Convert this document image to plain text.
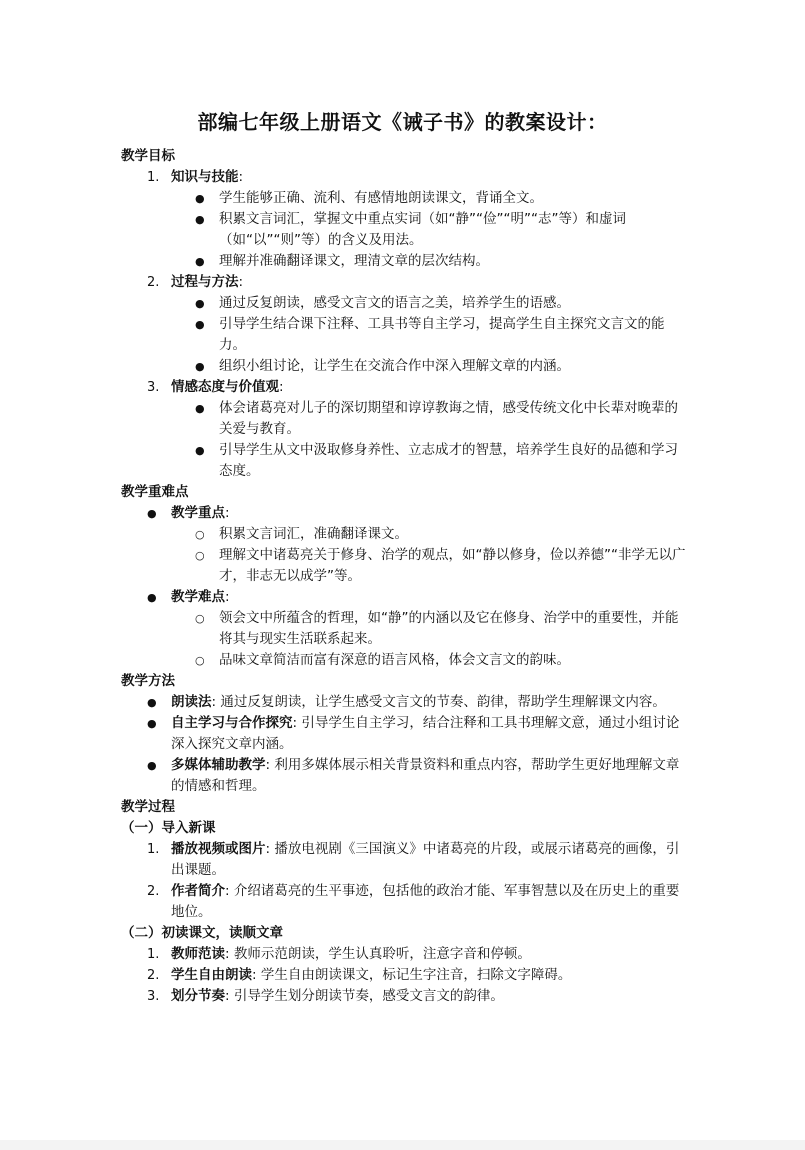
部编七年级上册语文《诫子书》的教案设计：

教学目标

1. 知识与技能:

● 学生能够正确、流利、有感情地朗读课文，背诵全文。

● 积累文言词汇，掌握文中重点实词（如“静”“俭”“明”“志”等）和虚词（如“以”“则”等）的含义及用法。

● 理解并准确翻译课文，理清文章的层次结构。

2. 过程与方法:

● 通过反复朗读，感受文言文的语言之美，培养学生的语感。

● 引导学生结合课下注释、工具书等自主学习，提高学生自主探究文言文的能力。

● 组织小组讨论，让学生在交流合作中深入理解文章的内涵。

3. 情感态度与价值观:

● 体会诸葛亮对儿子的深切期望和谆谆教诲之情，感受传统文化中长辈对晚辈的关爱与教育。

● 引导学生从文中汲取修身养性、立志成才的智慧，培养学生良好的品德和学习态度。

教学重难点

● 教学重点:

○ 积累文言词汇，准确翻译课文。

○ 理解文中诸葛亮关于修身、治学的观点，如“静以修身，俭以养德”“非学无以广才，非志无以成学”等。

● 教学难点:

○ 领会文中所蕴含的哲理，如“静”的内涵以及它在修身、治学中的重要性，并能将其与现实生活联系起来。

○ 品味文章简洁而富有深意的语言风格，体会文言文的韵味。

教学方法

● 朗读法: 通过反复朗读，让学生感受文言文的节奏、韵律，帮助学生理解课文内容。

● 自主学习与合作探究: 引导学生自主学习，结合注释和工具书理解文意，通过小组讨论深入探究文章内涵。

● 多媒体辅助教学: 利用多媒体展示相关背景资料和重点内容，帮助学生更好地理解文章的情感和哲理。

教学过程

（一）导入新课

1. 播放视频或图片: 播放电视剧《三国演义》中诸葛亮的片段，或展示诸葛亮的画像，引出课题。

2. 作者简介: 介绍诸葛亮的生平事迹，包括他的政治才能、军事智慧以及在历史上的重要地位。

（二）初读课文，读顺文章

1. 教师范读: 教师示范朗读，学生认真聆听，注意字音和停顿。

2. 学生自由朗读: 学生自由朗读课文，标记生字注音，扫除文字障碍。

3. 划分节奏: 引导学生划分朗读节奏，感受文言文的韵律。
